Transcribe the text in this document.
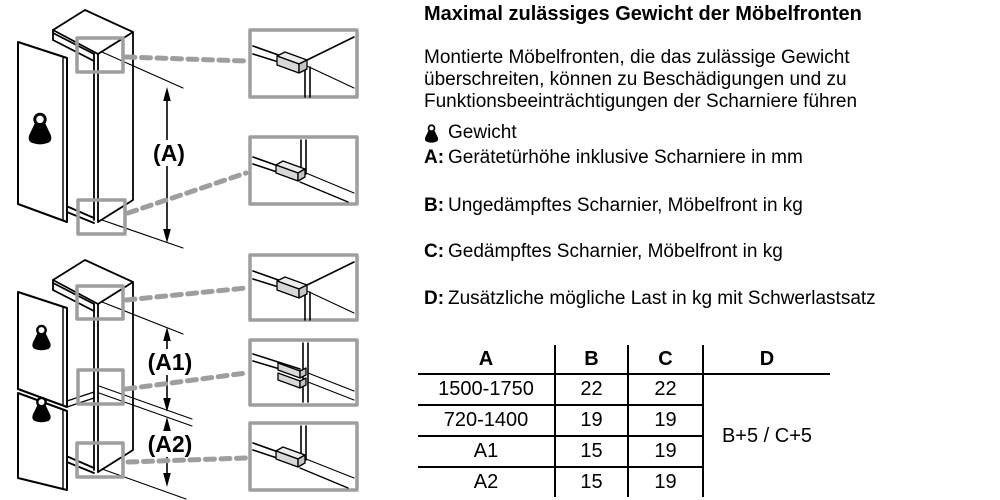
(A)
(A1)
(A2)
Maximal zulässiges Gewicht der Möbelfronten
Montierte Möbelfronten, die das zulässige Gewicht
überschreiten, können zu Beschädigungen und zu
Funktionsbeeinträchtigungen der Scharniere führen
Gewicht
A: Gerätetürhöhe inklusive Scharniere in mm
B: Ungedämpftes Scharnier, Möbelfront in kg
C: Gedämpftes Scharnier, Möbelfront in kg
D: Zusätzliche mögliche Last in kg mit Schwerlastsatz
A	B	C	D
1500-1750	22	22	B+5 / C+5
720-1400	19	19	
A1	15	19	
A2	15	19	
